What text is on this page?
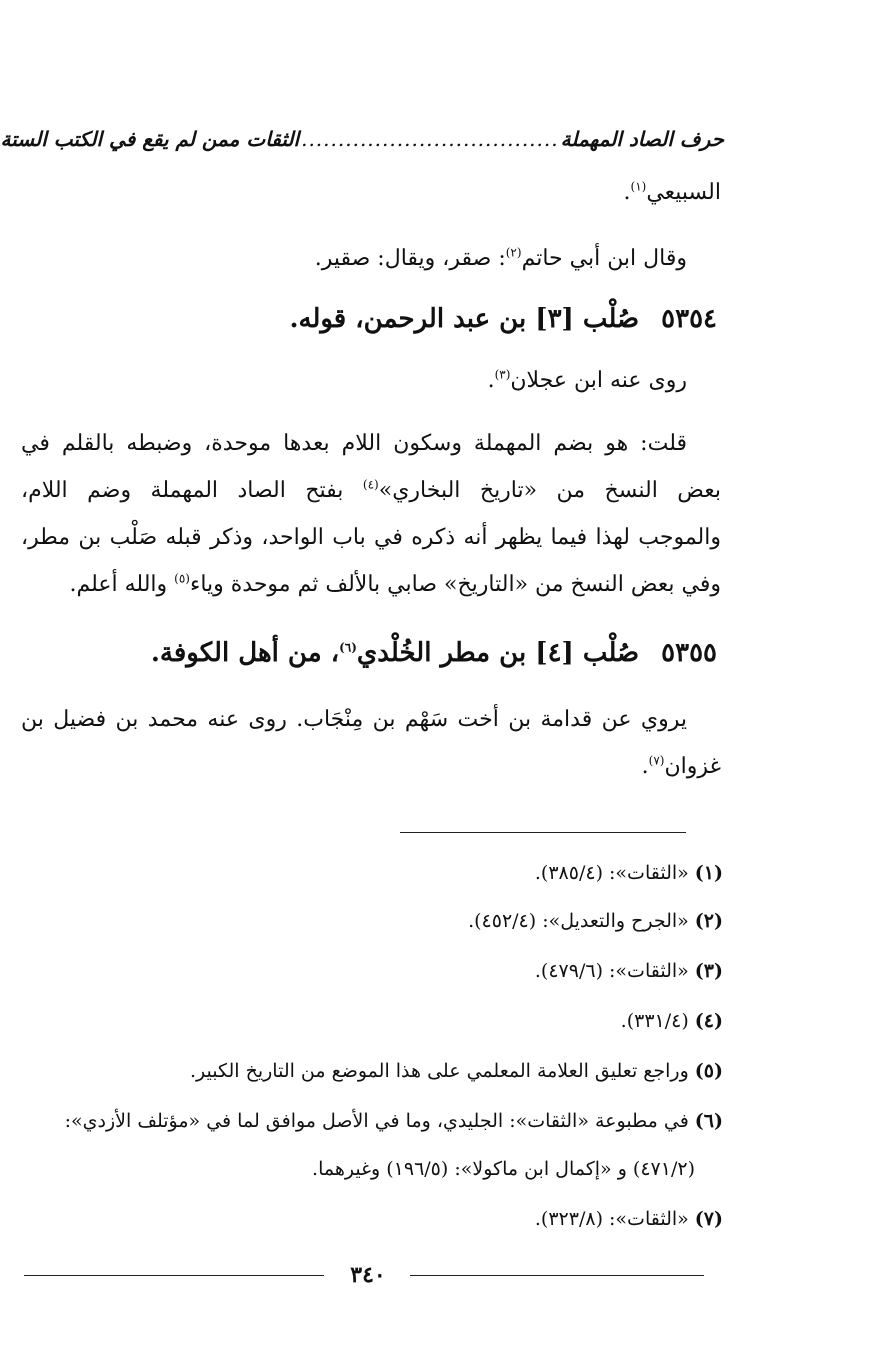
حرف الصاد المهملة
...................................
الثقات ممن لم يقع في الكتب الستة
السبيعي$^{(١)}$.
وقال ابن أبي حاتم$^{(٢)}$: صقر، ويقال: صقير.
٥٣٥٤صُلْب [٣] بن عبد الرحمن، قوله.
روى عنه ابن عجلان$^{(٣)}$.

قلت: هو بضم المهملة وسكون اللام بعدها موحدة، وضبطه بالقلم في

بعض النسخ من «تاريخ البخاري»$^{(٤)}$ بفتح الصاد المهملة وضم اللام،

والموجب لهذا فيما يظهر أنه ذكره في باب الواحد، وذكر قبله صَلْب بن مطر،

وفي بعض النسخ من «التاريخ» صابي بالألف ثم موحدة وياء$^{(٥)}$ والله أعلم.

٥٣٥٥صُلْب [٤] بن مطر الخُلْدي$^{(٦)}$، من أهل الكوفة.

يروي عن قدامة بن أخت سَهْم بن مِنْجَاب. روى عنه محمد بن فضيل بن

غزوان$^{(٧)}$.

(١)«الثقات»: (٣٨٥/٤).
(٢)«الجرح والتعديل»: (٤٥٢/٤).
(٣)«الثقات»: (٤٧٩/٦).
(٤)(٣٣١/٤).
(٥)وراجع تعليق العلامة المعلمي على هذا الموضع من التاريخ الكبير.
(٦)في مطبوعة «الثقات»: الجليدي، وما في الأصل موافق لما في «مؤتلف الأزدي»:
(٤٧١/٢) و «إكمال ابن ماكولا»: (١٩٦/٥) وغيرهما.
(٧)«الثقات»: (٣٢٣/٨).
٣٤٠
